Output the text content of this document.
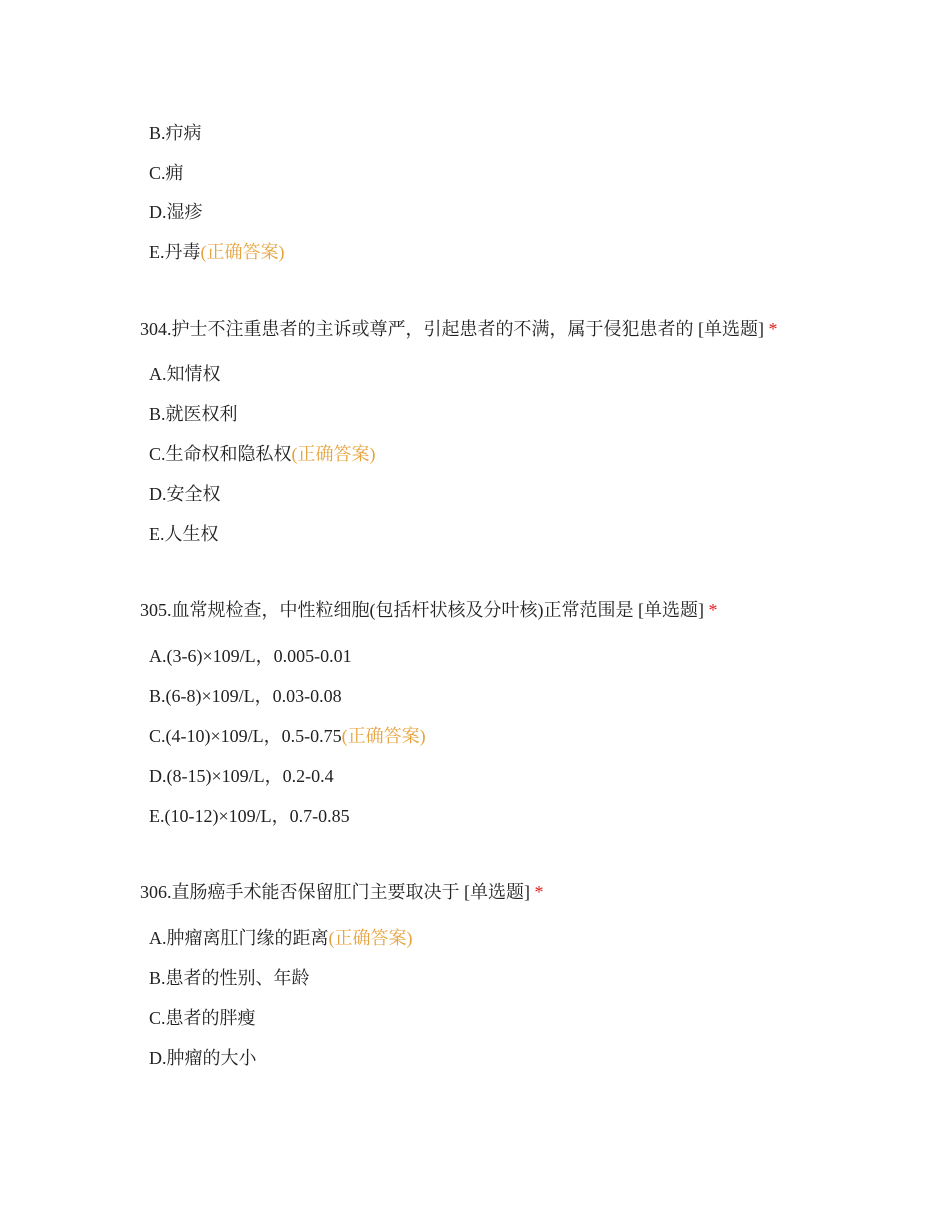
B.疖病
C.痈
D.湿疹
E.丹毒(正确答案)
304.护士不注重患者的主诉或尊严，引起患者的不满，属于侵犯患者的 [单选题] *
A.知情权
B.就医权利
C.生命权和隐私权(正确答案)
D.安全权
E.人生权
305.血常规检查，中性粒细胞(包括杆状核及分叶核)正常范围是 [单选题] *
A.(3-6)×109/L，0.005-0.01
B.(6-8)×109/L，0.03-0.08
C.(4-10)×109/L，0.5-0.75(正确答案)
D.(8-15)×109/L，0.2-0.4
E.(10-12)×109/L，0.7-0.85
306.直肠癌手术能否保留肛门主要取决于 [单选题] *
A.肿瘤离肛门缘的距离(正确答案)
B.患者的性别、年龄
C.患者的胖瘦
D.肿瘤的大小
